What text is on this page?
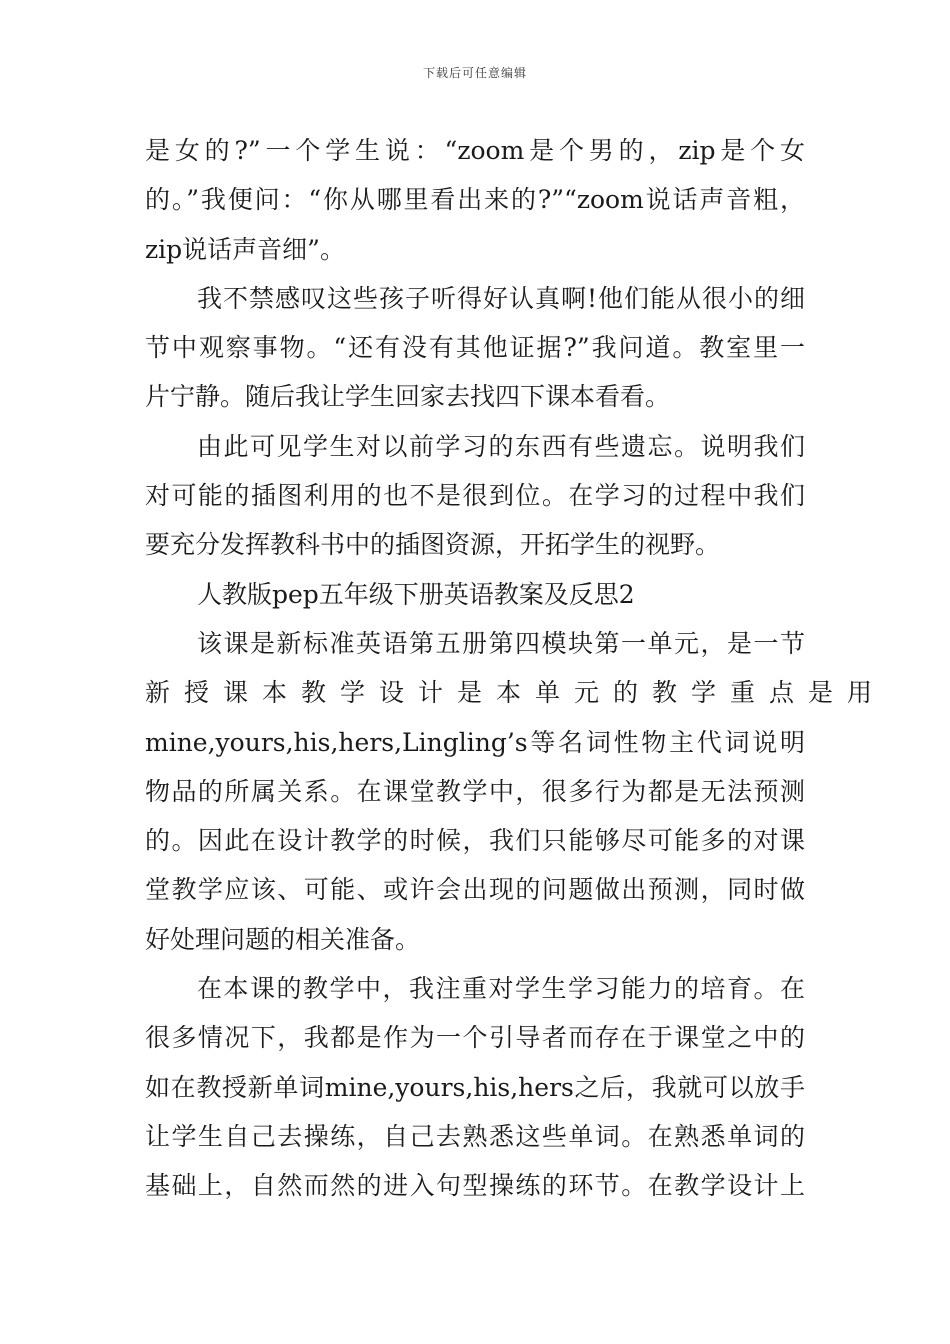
下载后可任意编辑
是女的?”一个学生说：“zoom是个男的，zip是个女
的。”我便问：“你从哪里看出来的?”“zoom说话声音粗，
zip说话声音细”。
我不禁感叹这些孩子听得好认真啊!他们能从很小的细
节中观察事物。“还有没有其他证据?”我问道。教室里一
片宁静。随后我让学生回家去找四下课本看看。
由此可见学生对以前学习的东西有些遗忘。说明我们
对可能的插图利用的也不是很到位。在学习的过程中我们
要充分发挥教科书中的插图资源，开拓学生的视野。
人教版pep五年级下册英语教案及反思2
该课是新标准英语第五册第四模块第一单元，是一节
新授课本教学设计是本单元的教学重点是用
mine,yours,his,hers,Lingling’s等名词性物主代词说明
物品的所属关系。在课堂教学中，很多行为都是无法预测
的。因此在设计教学的时候，我们只能够尽可能多的对课
堂教学应该、可能、或许会出现的问题做出预测，同时做
好处理问题的相关准备。
在本课的教学中，我注重对学生学习能力的培育。在
很多情况下，我都是作为一个引导者而存在于课堂之中的
如在教授新单词mine,yours,his,hers之后，我就可以放手
让学生自己去操练，自己去熟悉这些单词。在熟悉单词的
基础上，自然而然的进入句型操练的环节。在教学设计上
